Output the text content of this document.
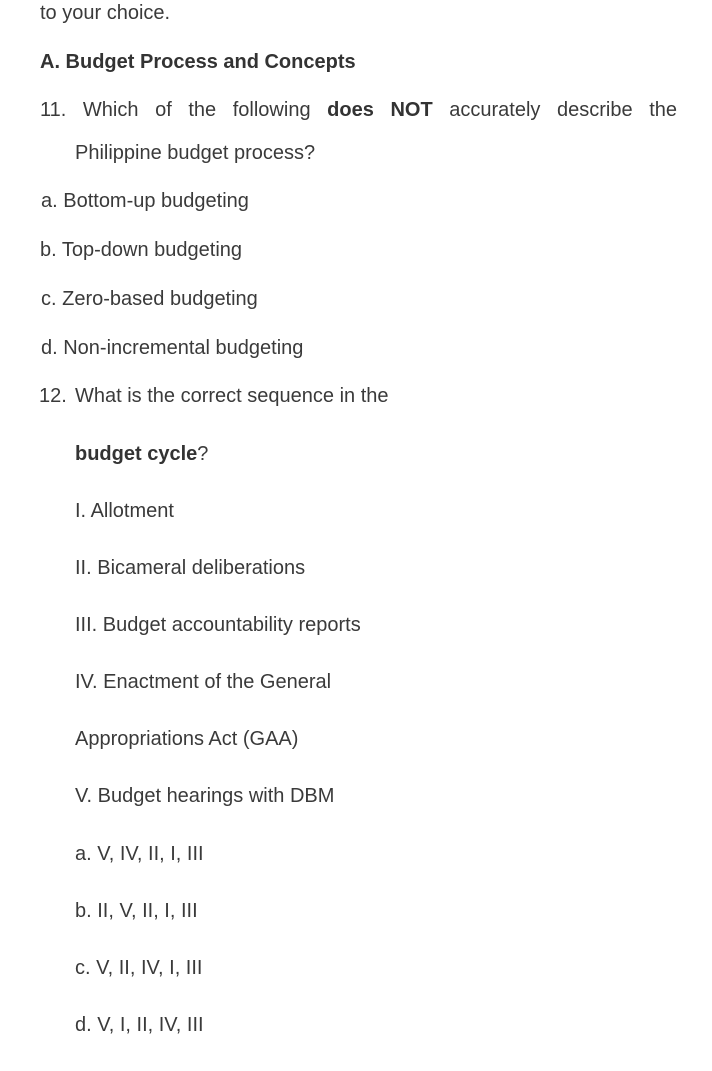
to your choice.
A. Budget Process and Concepts
11. Which of the following does NOT accurately describe the
Philippine budget process?
a. Bottom-up budgeting
b. Top-down budgeting
c. Zero-based budgeting
d. Non-incremental budgeting
12. What is the correct sequence in the
budget cycle?
I. Allotment
II. Bicameral deliberations
III. Budget accountability reports
IV. Enactment of the General
Appropriations Act (GAA)
V. Budget hearings with DBM
a. V, IV, II, I, III
b. II, V, II, I, III
c. V, II, IV, I, III
d. V, I, II, IV, III
